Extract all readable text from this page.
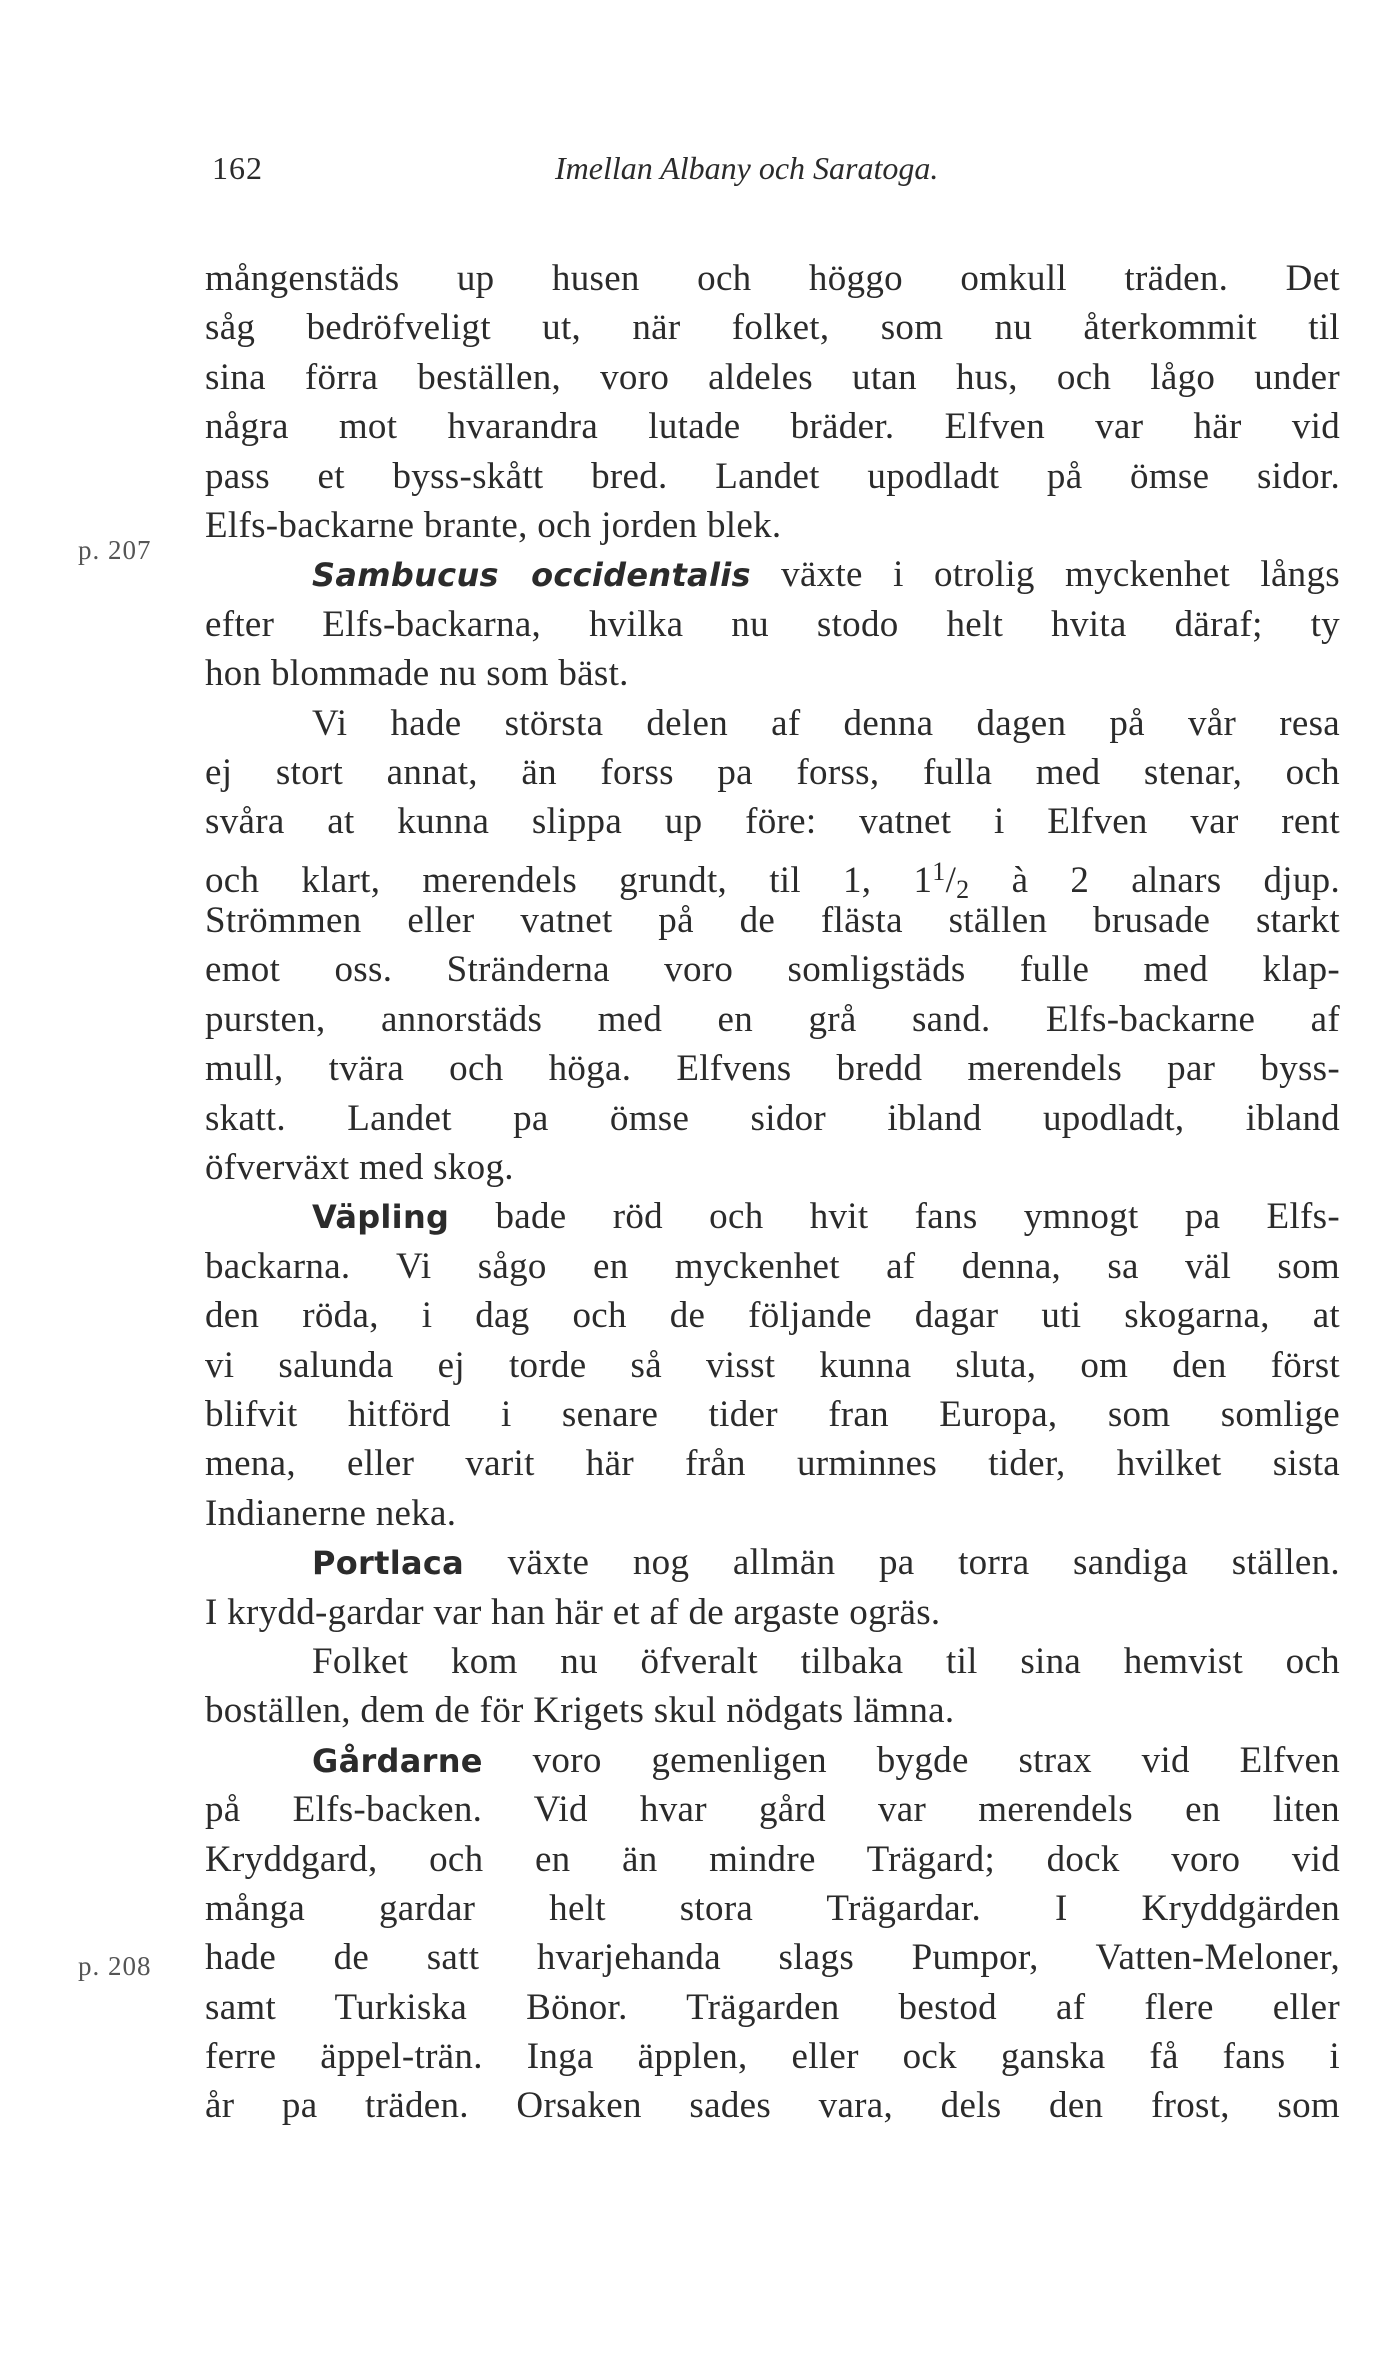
162	Imellan Albany och Saratoga.
p. 207
p. 208
mångenstäds up husen och höggo omkull träden. Det
såg bedröfveligt ut, när folket, som nu återkommit til
sina förra beställen, voro aldeles utan hus, och lågo under
några mot hvarandra lutade bräder. Elfven var här vid
pass et byss-skått bred. Landet upodladt på ömse sidor.
Elfs-backarne brante, och jorden blek.
Sambucus occidentalis växte i otrolig myckenhet långs
efter Elfs-backarna, hvilka nu stodo helt hvita däraf; ty
hon blommade nu som bäst.
Vi hade största delen af denna dagen på vår resa
ej stort annat, än forss pa forss, fulla med stenar, och
svåra at kunna slippa up före: vatnet i Elfven var rent
och klart, merendels grundt, til 1, $1^1/_2$ à 2 alnars djup.
Strömmen eller vatnet på de flästa ställen brusade starkt
emot oss. Stränderna voro somligstäds fulle med klap-
pursten, annorstäds med en grå sand. Elfs-backarne af
mull, tvära och höga. Elfvens bredd merendels par byss-
skatt. Landet pa ömse sidor ibland upodladt, ibland
öfverväxt med skog.
Väpling bade röd och hvit fans ymnogt pa Elfs-
backarna. Vi sågo en myckenhet af denna, sa väl som
den röda, i dag och de följande dagar uti skogarna, at
vi salunda ej torde så visst kunna sluta, om den först
blifvit hitförd i senare tider fran Europa, som somlige
mena, eller varit här från urminnes tider, hvilket sista
Indianerne neka.
Portlaca växte nog allmän pa torra sandiga ställen.
I krydd-gardar var han här et af de argaste ogräs.
Folket kom nu öfveralt tilbaka til sina hemvist och
boställen, dem de för Krigets skul nödgats lämna.
Gårdarne voro gemenligen bygde strax vid Elfven
på Elfs-backen. Vid hvar gård var merendels en liten
Kryddgard, och en än mindre Trägard; dock voro vid
många gardar helt stora Trägardar. I Kryddgärden
hade de satt hvarjehanda slags Pumpor, Vatten-Meloner,
samt Turkiska Bönor. Trägarden bestod af flere eller
ferre äppel-trän. Inga äpplen, eller ock ganska få fans i
år pa träden. Orsaken sades vara, dels den frost, som
